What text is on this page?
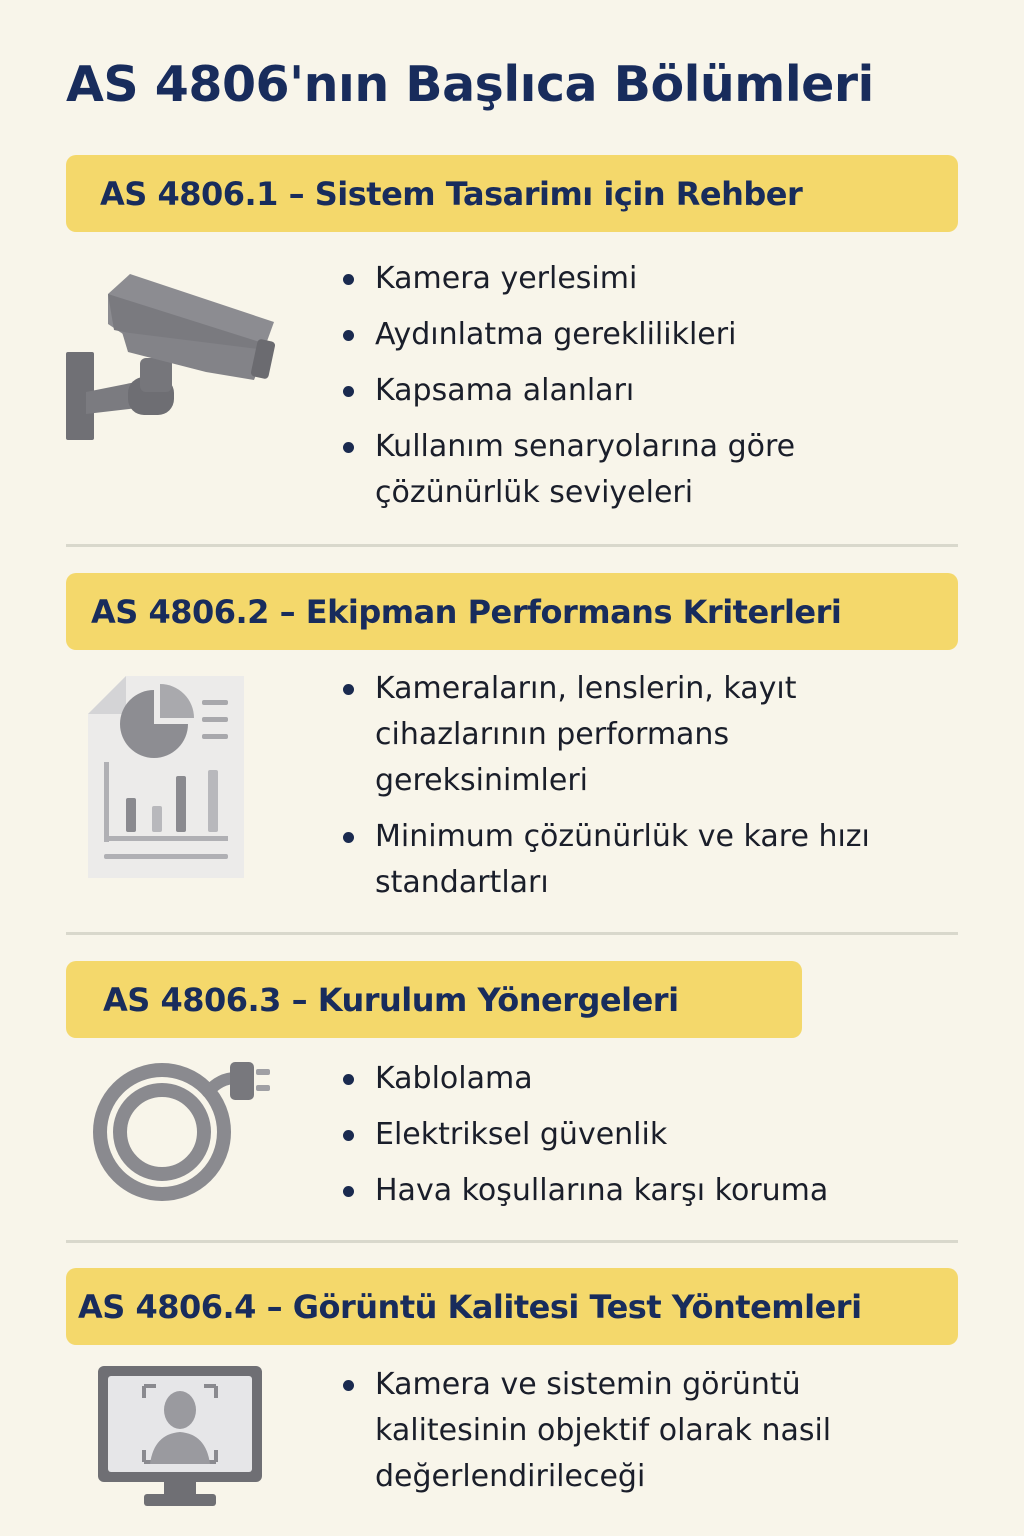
AS 4806'nın Başlıca Bölümleri
AS 4806.1 – Sistem Tasarimı için Rehber
Kamera yerlesimi
Aydınlatma gereklilikleri
Kapsama alanları
Kullanım senaryolarına göre çözünürlük seviyeleri
AS 4806.2 – Ekipman Performans Kriterleri
Kameraların, lenslerin, kayıt cihazlarının performans gereksinimleri
Minimum çözünürlük ve kare hızı standartları
AS 4806.3 – Kurulum Yönergeleri
Kablolama
Elektriksel güvenlik
Hava koşullarına karşı koruma
AS 4806.4 – Görüntü Kalitesi Test Yöntemleri
Kamera ve sistemin görüntü kalitesinin objektif olarak nasil değerlendirileceği
